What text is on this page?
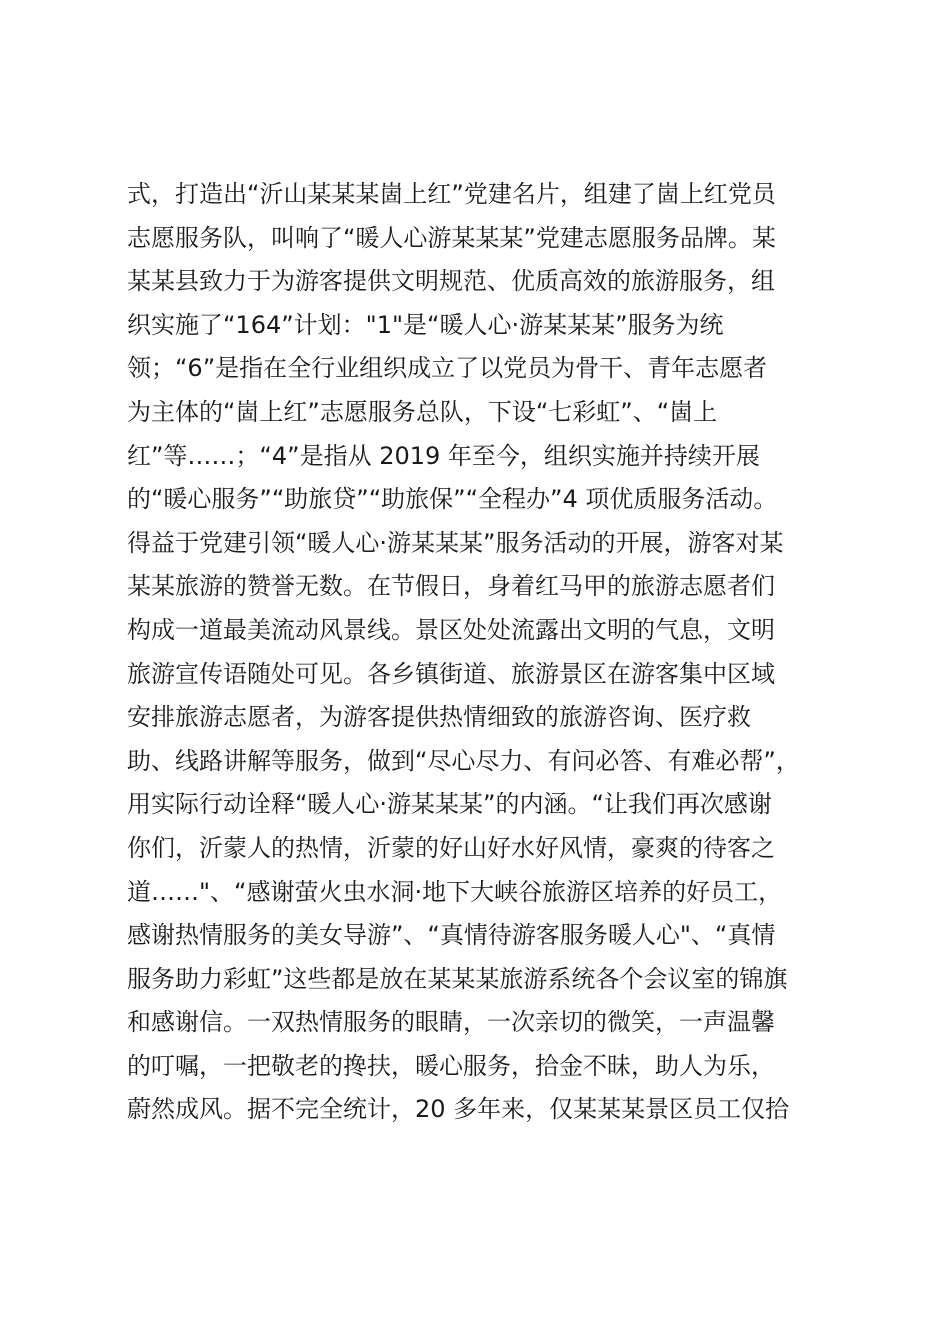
式，打造出“沂山某某某崮上红”党建名片，组建了崮上红党员
志愿服务队，叫响了“暖人心游某某某”党建志愿服务品牌。某
某某县致力于为游客提供文明规范、优质高效的旅游服务，组
织实施了“164”计划："1"是“暖人心·游某某某”服务为统
领；“6”是指在全行业组织成立了以党员为骨干、青年志愿者
为主体的“崮上红”志愿服务总队，下设“七彩虹”、“崮上
红”等……；“4”是指从 2019 年至今，组织实施并持续开展
的“暖心服务”“助旅贷”“助旅保”“全程办”4 项优质服务活动。
得益于党建引领“暖人心·游某某某”服务活动的开展，游客对某
某某旅游的赞誉无数。在节假日，身着红马甲的旅游志愿者们
构成一道最美流动风景线。景区处处流露出文明的气息，文明
旅游宣传语随处可见。各乡镇街道、旅游景区在游客集中区域
安排旅游志愿者，为游客提供热情细致的旅游咨询、医疗救
助、线路讲解等服务，做到“尽心尽力、有问必答、有难必帮”，
用实际行动诠释“暖人心·游某某某”的内涵。“让我们再次感谢
你们，沂蒙人的热情，沂蒙的好山好水好风情，豪爽的待客之
道……"、“感谢萤火虫水洞·地下大峡谷旅游区培养的好员工，
感谢热情服务的美女导游”、“真情待游客服务暖人心"、“真情
服务助力彩虹”这些都是放在某某某旅游系统各个会议室的锦旗
和感谢信。一双热情服务的眼睛，一次亲切的微笑，一声温馨
的叮嘱，一把敬老的搀扶，暖心服务，拾金不昧，助人为乐，
蔚然成风。据不完全统计，20 多年来，仅某某某景区员工仅拾
